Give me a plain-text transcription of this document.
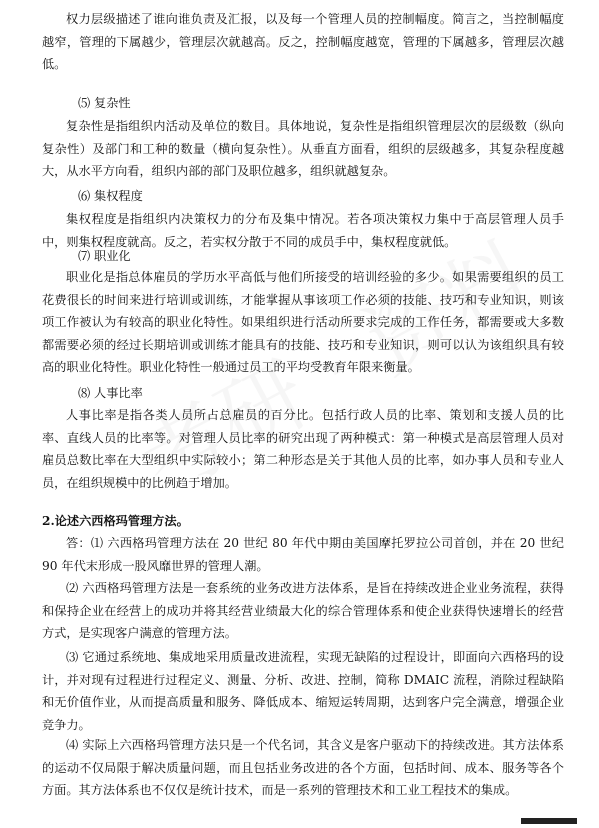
权力层级描述了谁向谁负责及汇报，以及每一个管理人员的控制幅度。简言之，当控制幅度越窄，管理的下属越少，管理层次就越高。反之，控制幅度越宽，管理的下属越多，管理层次越低。

⑸ 复杂性

复杂性是指组织内活动及单位的数目。具体地说，复杂性是指组织管理层次的层级数（纵向复杂性）及部门和工种的数量（横向复杂性）。从垂直方面看，组织的层级越多，其复杂程度越大，从水平方向看，组织内部的部门及职位越多，组织就越复杂。

⑹ 集权程度

集权程度是指组织内决策权力的分布及集中情况。若各项决策权力集中于高层管理人员手中，则集权程度就高。反之，若实权分散于不同的成员手中，集权程度就低。

⑺ 职业化

职业化是指总体雇员的学历水平高低与他们所接受的培训经验的多少。如果需要组织的员工花费很长的时间来进行培训或训练，才能掌握从事该项工作必须的技能、技巧和专业知识，则该项工作被认为有较高的职业化特性。如果组织进行活动所要求完成的工作任务，都需要或大多数都需要必须的经过长期培训或训练才能具有的技能、技巧和专业知识，则可以认为该组织具有较高的职业化特性。职业化特性一般通过员工的平均受教育年限来衡量。

⑻ 人事比率

人事比率是指各类人员所占总雇员的百分比。包括行政人员的比率、策划和支援人员的比率、直线人员的比率等。对管理人员比率的研究出现了两种模式：第一种模式是高层管理人员对雇员总数比率在大型组织中实际较小；第二种形态是关于其他人员的比率，如办事人员和专业人员，在组织规模中的比例趋于增加。

2.论述六西格玛管理方法。

答：⑴ 六西格玛管理方法在 20 世纪 80 年代中期由美国摩托罗拉公司首创，并在 20 世纪 90 年代末形成一股风靡世界的管理人潮。

⑵ 六西格玛管理方法是一套系统的业务改进方法体系，是旨在持续改进企业业务流程，获得和保持企业在经营上的成功并将其经营业绩最大化的综合管理体系和使企业获得快速增长的经营方式，是实现客户满意的管理方法。

⑶ 它通过系统地、集成地采用质量改进流程，实现无缺陷的过程设计，即面向六西格玛的设计，并对现有过程进行过程定义、测量、分析、改进、控制，简称 DMAIC 流程，消除过程缺陷和无价值作业，从而提高质量和服务、降低成本、缩短运转周期，达到客户完全满意，增强企业竞争力。

⑷ 实际上六西格玛管理方法只是一个代名词，其含义是客户驱动下的持续改进。其方法体系的运动不仅局限于解决质量问题，而且包括业务改进的各个方面，包括时间、成本、服务等各个方面。其方法体系也不仅仅是统计技术，而是一系列的管理技术和工业工程技术的集成。
